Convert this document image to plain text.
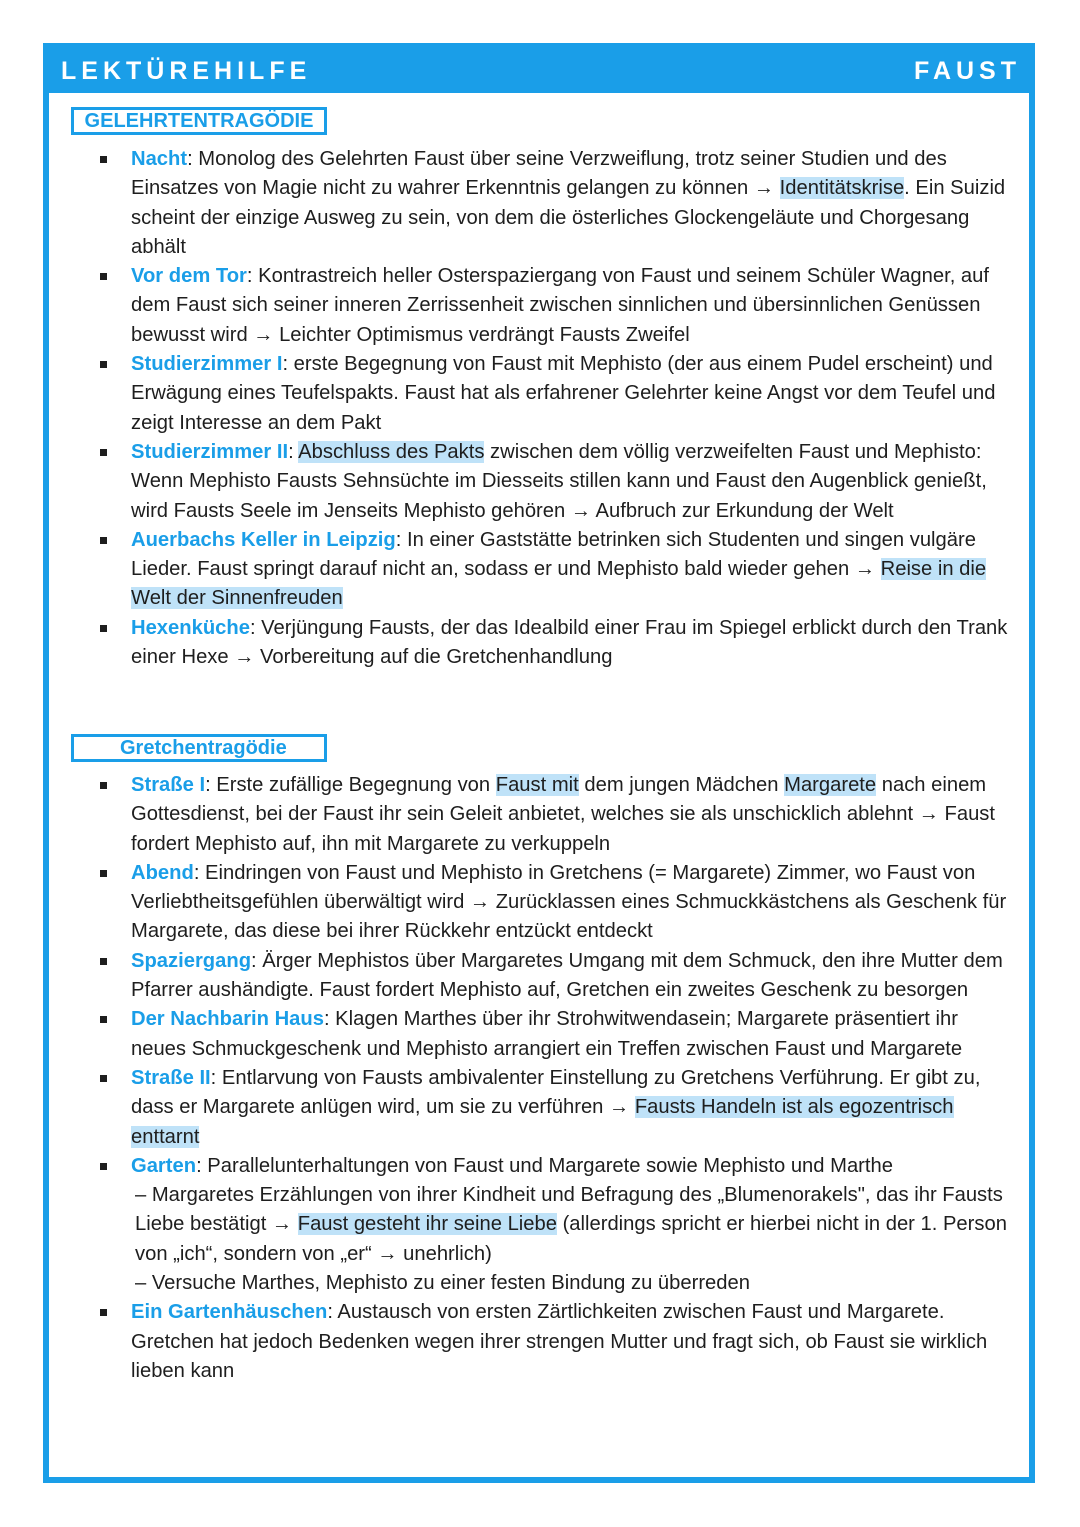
LEKTÜREHILFE	FAUST
GELEHRTENTRAGÖDIE
Nacht: Monolog des Gelehrten Faust über seine Verzweiflung, trotz seiner Studien und des Einsatzes von Magie nicht zu wahrer Erkenntnis gelangen zu können → Identitätskrise. Ein Suizid scheint der einzige Ausweg zu sein, von dem die österliches Glockengeläute und Chorgesang abhält
Vor dem Tor: Kontrastreich heller Osterspaziergang von Faust und seinem Schüler Wagner, auf dem Faust sich seiner inneren Zerrissenheit zwischen sinnlichen und übersinnlichen Genüssen bewusst wird → Leichter Optimismus verdrängt Fausts Zweifel
Studierzimmer I: erste Begegnung von Faust mit Mephisto (der aus einem Pudel erscheint) und Erwägung eines Teufelspakts. Faust hat als erfahrener Gelehrter keine Angst vor dem Teufel und zeigt Interesse an dem Pakt
Studierzimmer II: Abschluss des Pakts zwischen dem völlig verzweifelten Faust und Mephisto: Wenn Mephisto Fausts Sehnsüchte im Diesseits stillen kann und Faust den Augenblick genießt, wird Fausts Seele im Jenseits Mephisto gehören → Aufbruch zur Erkundung der Welt
Auerbachs Keller in Leipzig: In einer Gaststätte betrinken sich Studenten und singen vulgäre Lieder. Faust springt darauf nicht an, sodass er und Mephisto bald wieder gehen → Reise in die Welt der Sinnenfreuden
Hexenküche: Verjüngung Fausts, der das Idealbild einer Frau im Spiegel erblickt durch den Trank einer Hexe → Vorbereitung auf die Gretchenhandlung
Gretchentragödie
Straße I: Erste zufällige Begegnung von Faust mit dem jungen Mädchen Margarete nach einem Gottesdienst, bei der Faust ihr sein Geleit anbietet, welches sie als unschicklich ablehnt → Faust fordert Mephisto auf, ihn mit Margarete zu verkuppeln
Abend: Eindringen von Faust und Mephisto in Gretchens (= Margarete) Zimmer, wo Faust von Verliebtheitsgefühlen überwältigt wird → Zurücklassen eines Schmuckkästchens als Geschenk für Margarete, das diese bei ihrer Rückkehr entzückt entdeckt
Spaziergang: Ärger Mephistos über Margaretes Umgang mit dem Schmuck, den ihre Mutter dem Pfarrer aushändigte. Faust fordert Mephisto auf, Gretchen ein zweites Geschenk zu besorgen
Der Nachbarin Haus: Klagen Marthes über ihr Strohwitwendasein; Margarete präsentiert ihr neues Schmuckgeschenk und Mephisto arrangiert ein Treffen zwischen Faust und Margarete
Straße II: Entlarvung von Fausts ambivalenter Einstellung zu Gretchens Verführung. Er gibt zu, dass er Margarete anlügen wird, um sie zu verführen → Fausts Handeln ist als egozentrisch enttarnt
Garten: Parallelunterhaltungen von Faust und Margarete sowie Mephisto und Marthe
– Margaretes Erzählungen von ihrer Kindheit und Befragung des „Blumenorakels", das ihr Fausts Liebe bestätigt → Faust gesteht ihr seine Liebe (allerdings spricht er hierbei nicht in der 1. Person von „ich“, sondern von „er“ → unehrlich)
– Versuche Marthes, Mephisto zu einer festen Bindung zu überreden
Ein Gartenhäuschen: Austausch von ersten Zärtlichkeiten zwischen Faust und Margarete. Gretchen hat jedoch Bedenken wegen ihrer strengen Mutter und fragt sich, ob Faust sie wirklich lieben kann
